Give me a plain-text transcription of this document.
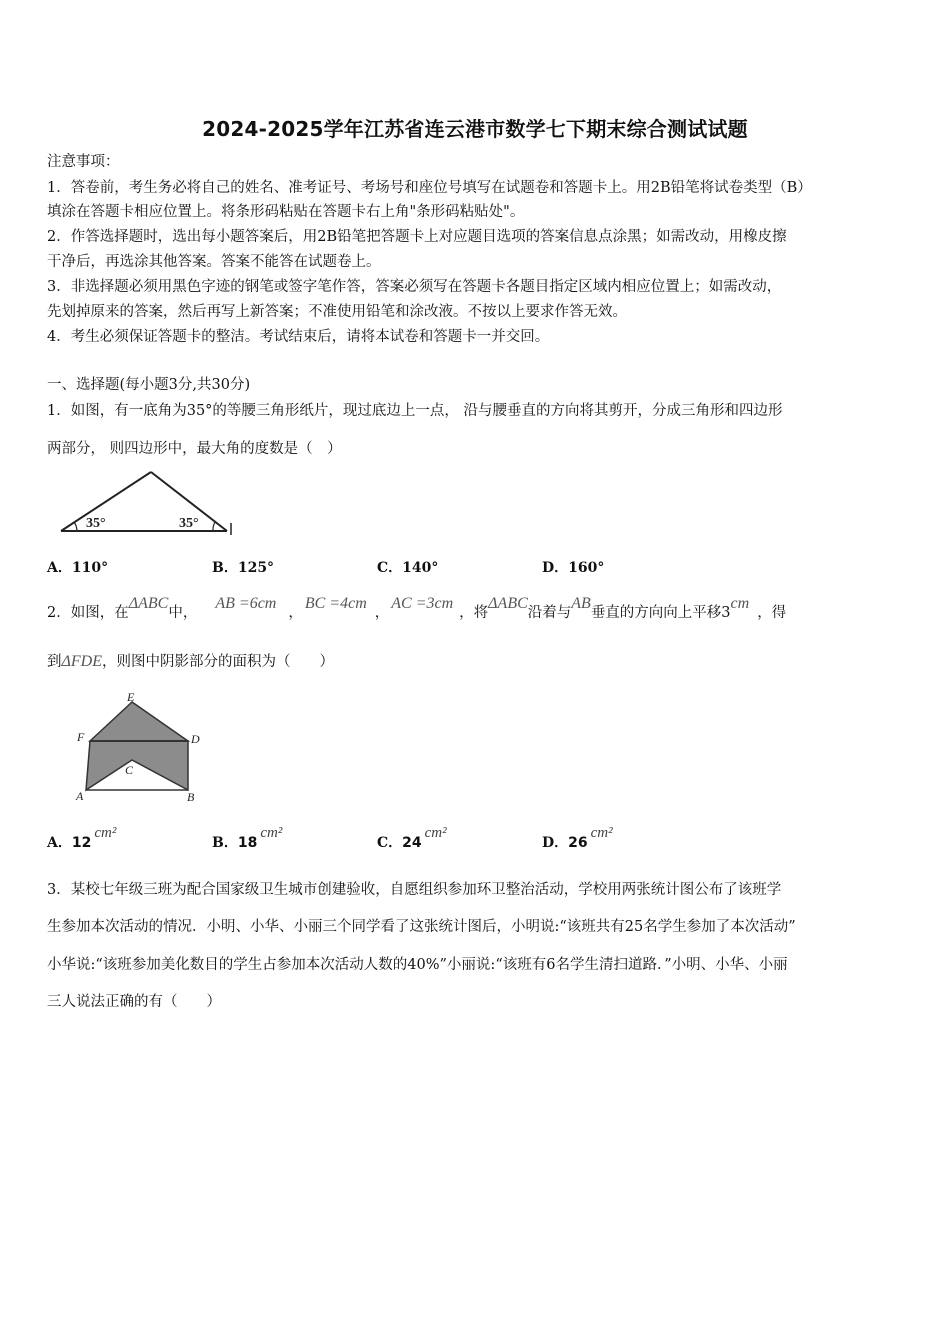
2024-2025学年江苏省连云港市数学七下期末综合测试试题
注意事项：
1．答卷前，考生务必将自己的姓名、准考证号、考场号和座位号填写在试题卷和答题卡上。用2B铅笔将试卷类型（B）
填涂在答题卡相应位置上。将条形码粘贴在答题卡右上角"条形码粘贴处"。
2．作答选择题时，选出每小题答案后，用2B铅笔把答题卡上对应题目选项的答案信息点涂黑；如需改动，用橡皮擦
干净后，再选涂其他答案。答案不能答在试题卷上。
3．非选择题必须用黑色字迹的钢笔或签字笔作答，答案必须写在答题卡各题目指定区域内相应位置上；如需改动，
先划掉原来的答案，然后再写上新答案；不准使用铅笔和涂改液。不按以上要求作答无效。
4．考生必须保证答题卡的整洁。考试结束后，请将本试卷和答题卡一并交回。
一、选择题(每小题3分,共30分)
1．如图，有一底角为35°的等腰三角形纸片，现过底边上一点， 沿与腰垂直的方向将其剪开，分成三角形和四边形
两部分， 则四边形中，最大角的度数是（　）
35°	35°
A．110°	B．125°	C．140°	D．160°
2．如图，在ΔABC中，AB =6cm，BC =4cm，AC =3cm，将ΔABC沿着与AB垂直的方向向上平移3cm，得
到ΔFDE，则图中阴影部分的面积为（　　）
E
F	D
C
A	B
A．12cm²
B．18cm²
C．24cm²
D．26cm²
3．某校七年级三班为配合国家级卫生城市创建验收，自愿组织参加环卫整治活动，学校用两张统计图公布了该班学
生参加本次活动的情况．小明、小华、小丽三个同学看了这张统计图后，小明说:“该班共有25名学生参加了本次活动”
小华说:“该班参加美化数目的学生占参加本次活动人数的40%”小丽说:“该班有6名学生清扫道路．”小明、小华、小丽
三人说法正确的有（　　）
